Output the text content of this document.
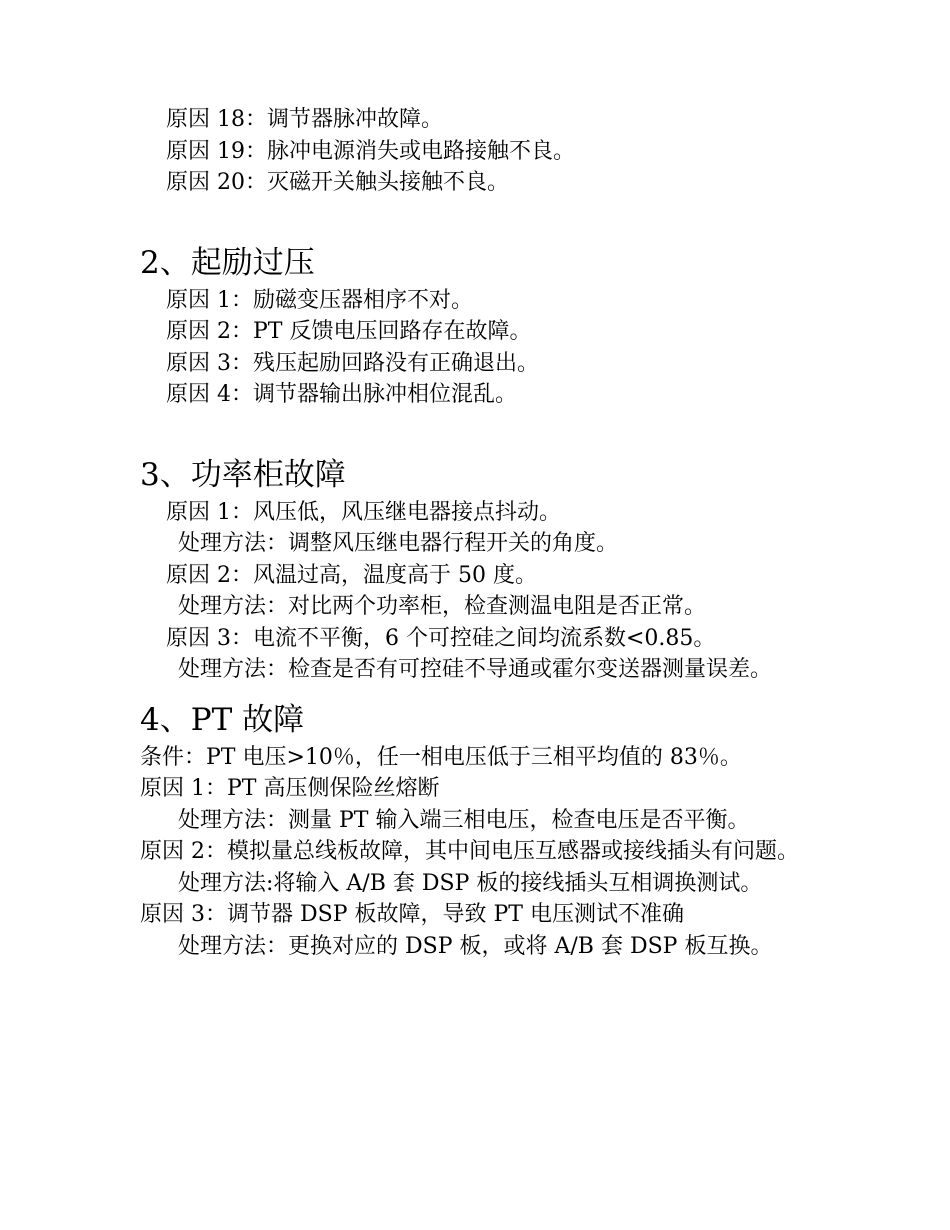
原因 18：调节器脉冲故障。
原因 19：脉冲电源消失或电路接触不良。
原因 20：灭磁开关触头接触不良。
2、起励过压
原因 1：励磁变压器相序不对。
原因 2：PT 反馈电压回路存在故障。
原因 3：残压起励回路没有正确退出。
原因 4：调节器输出脉冲相位混乱。
3、功率柜故障
原因 1：风压低，风压继电器接点抖动。
处理方法：调整风压继电器行程开关的角度。
原因 2：风温过高，温度高于 50 度。
处理方法：对比两个功率柜，检查测温电阻是否正常。
原因 3：电流不平衡，6 个可控硅之间均流系数<0.85。
处理方法：检查是否有可控硅不导通或霍尔变送器测量误差。
4、PT 故障
条件：PT 电压>10％，任一相电压低于三相平均值的 83％。
原因 1：PT 高压侧保险丝熔断
处理方法：测量 PT 输入端三相电压，检查电压是否平衡。
原因 2：模拟量总线板故障，其中间电压互感器或接线插头有问题。
处理方法:将输入 A/B 套 DSP 板的接线插头互相调换测试。
原因 3：调节器 DSP 板故障，导致 PT 电压测试不准确
处理方法：更换对应的 DSP 板，或将 A/B 套 DSP 板互换。
